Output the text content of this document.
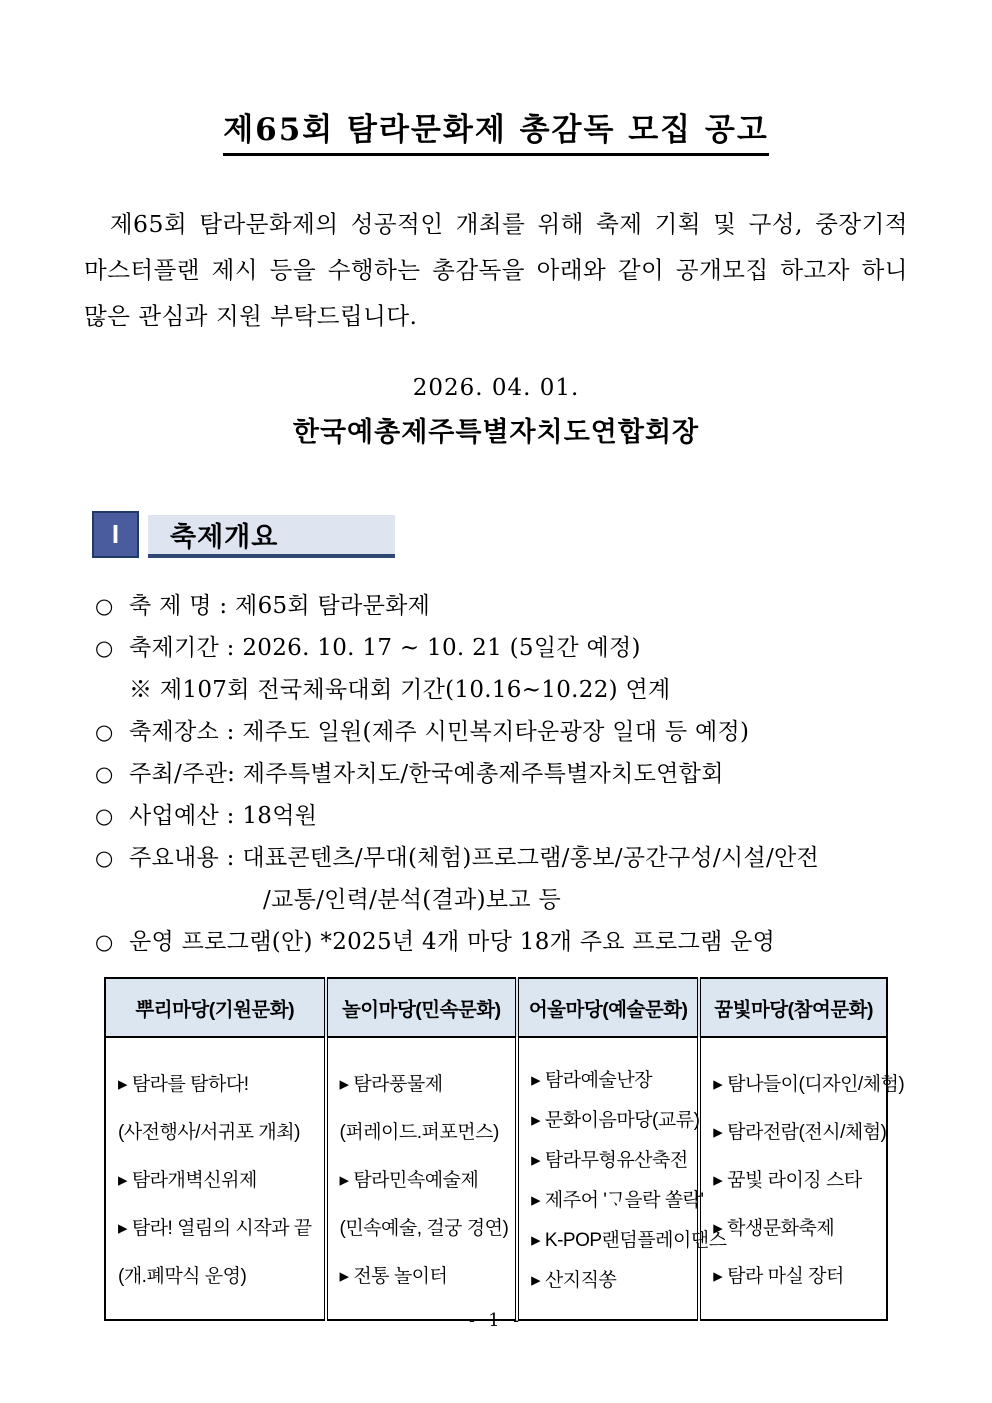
제65회 탐라문화제 총감독 모집 공고

제65회 탐라문화제의 성공적인 개최를 위해 축제 기획 및 구성, 중장기적 마스터플랜 제시 등을 수행하는 총감독을 아래와 같이 공개모집 하고자 하니 많은 관심과 지원 부탁드립니다.

2026. 04. 01.
한국예총제주특별자치도연합회장
I	축제개요
○ 축 제 명 : 제65회 탐라문화제
○ 축제기간 : 2026. 10. 17 ~ 10. 21 (5일간 예정)
※ 제107회 전국체육대회 기간(10.16~10.22) 연계
○ 축제장소 : 제주도 일원(제주 시민복지타운광장 일대 등 예정)
○ 주최/주관: 제주특별자치도/한국예총제주특별자치도연합회
○ 사업예산 : 18억원
○ 주요내용 : 대표콘텐츠/무대(체험)프로그램/홍보/공간구성/시설/안전
/교통/인력/분석(결과)보고 등
○ 운영 프로그램(안) *2025년 4개 마당 18개 주요 프로그램 운영
뿌리마당(기원문화)	놀이마당(민속문화)	어울마당(예술문화)	꿈빛마당(참여문화)

▸ 탐라를 탐하다!
(사전행사/서귀포 개최)
▸ 탐라개벽신위제
▸ 탐라! 열림의 시작과 끝
(개.폐막식 운영)

▸ 탐라풍물제
(퍼레이드.퍼포먼스)
▸ 탐라민속예술제
(민속예술, 걸궁 경연)
▸ 전통 놀이터

▸ 탐라예술난장
▸ 문화이음마당(교류)
▸ 탐라무형유산축전
▸ 제주어 'ᄀᆞ을락 쏠락'
▸ K-POP랜덤플레이댄스
▸ 산지직쏭

▸ 탐나들이(디자인/체험)
▸ 탐라전람(전시/체험)
▸ 꿈빛 라이징 스타
▸ 학생문화축제
▸ 탐라 마실 장터
- 1 -
